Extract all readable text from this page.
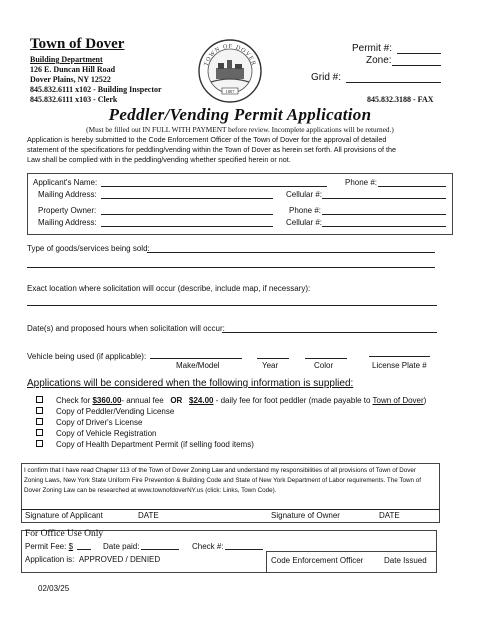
Town of Dover
Building Department
126 E. Duncan Hill Road
Dover Plains, NY 12522
845.832.6111 x102 - Building Inspector
845.832.6111 x103 - Clerk
TOWN OF DOVER
1807
Permit #:
Zone:
Grid #:
845.832.3188 - FAX
Peddler/Vending Permit Application
(Must be filled out IN FULL WITH PAYMENT before review. Incomplete applications will be returned.)
Application is hereby submitted to the Code Enforcement Officer of the Town of Dover for the approval of detailed
statement of the specifications for peddling/vending within the Town of Dover as herein set forth. All provisions of the
Law shall be complied with in the peddling/vending whether specified herein or not.
Applicant's Name:	Phone #:
Mailing Address:	Cellular #:
Property Owner:	Phone #:
Mailing Address:	Cellular #:
Type of goods/services being sold:
Exact location where solicitation will occur (describe, include map, if necessary):
Date(s) and proposed hours when solicitation will occur:
Vehicle being used (if applicable):
Make/Model	Year	Color	License Plate #
Applications will be considered when the following information is supplied:
Check for $360.00- annual fee   OR $24.00 - daily fee for foot peddler (made payable to Town of Dover)
Copy of Peddler/Vending License
Copy of Driver's License
Copy of Vehicle Registration
Copy of Health Department Permit (if selling food items)
I confirm that I have read Chapter 113 of the Town of Dover Zoning Law and understand my responsibilities of all provisions of Town of Dover
Zoning Laws, New York State Uniform Fire Prevention & Building Code and State of New York Department of Labor requirements. The Town of
Dover Zoning Law can be researched at www.townofdoverNY.us (click: Links, Town Code).
Signature of Applicant	DATE	Signature of Owner	DATE
For Office Use Only
Permit Fee: $	Date paid:	Check #:
Application is: APPROVED / DENIED	Code Enforcement Officer	Date Issued
02/03/25
